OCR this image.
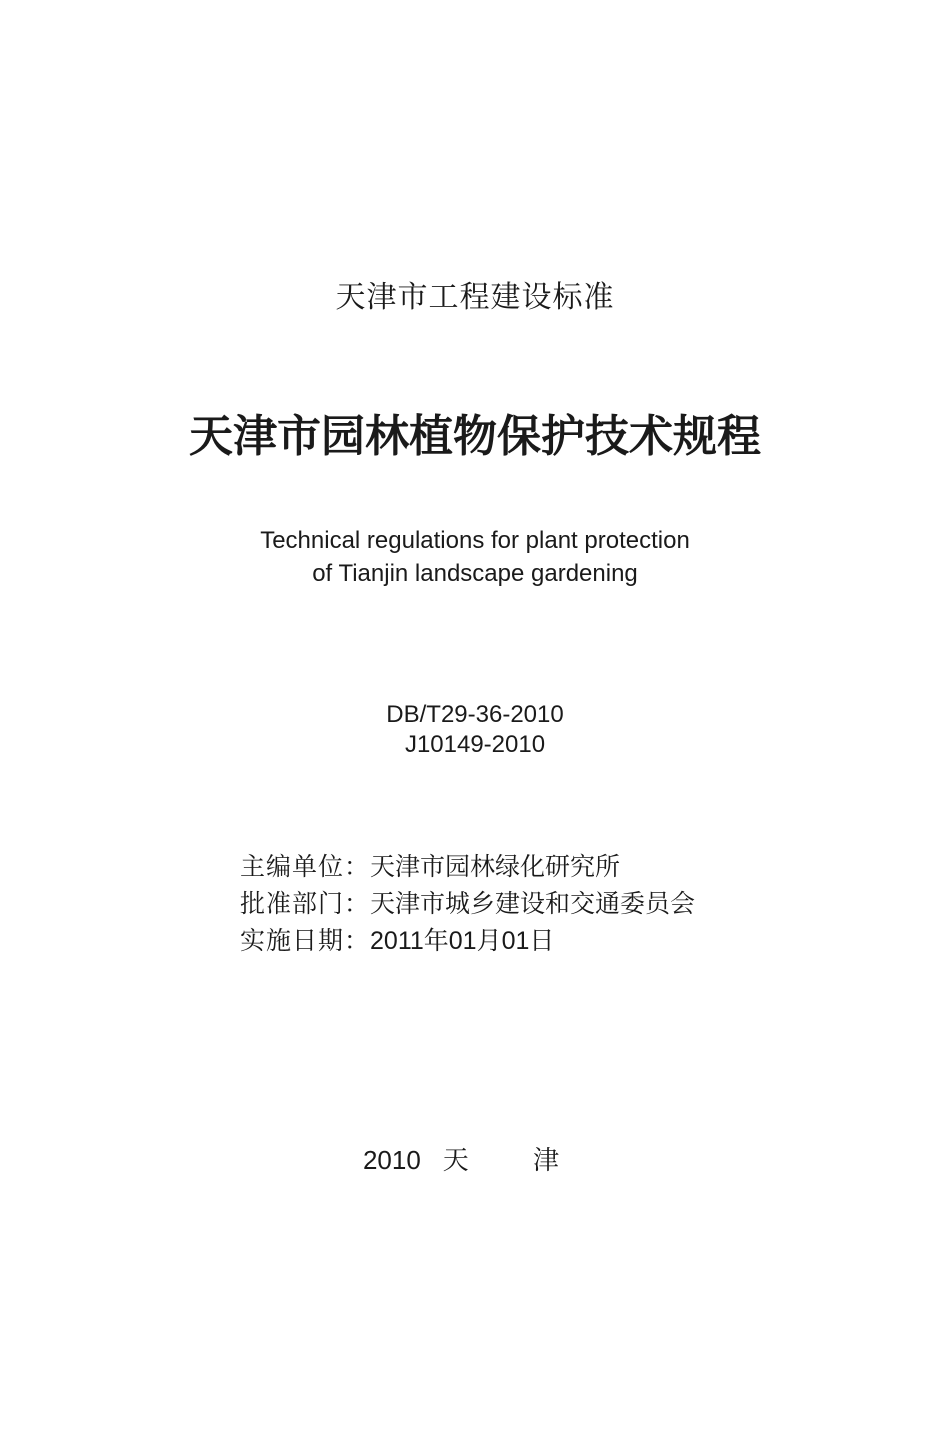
天津市工程建设标准
天津市园林植物保护技术规程
Technical regulations for plant protection
of Tianjin landscape gardening
DB/T29-36-2010
J10149-2010
主编单位：天津市园林绿化研究所
批准部门：天津市城乡建设和交通委员会
实施日期：2011年01月01日
2010 天 津
